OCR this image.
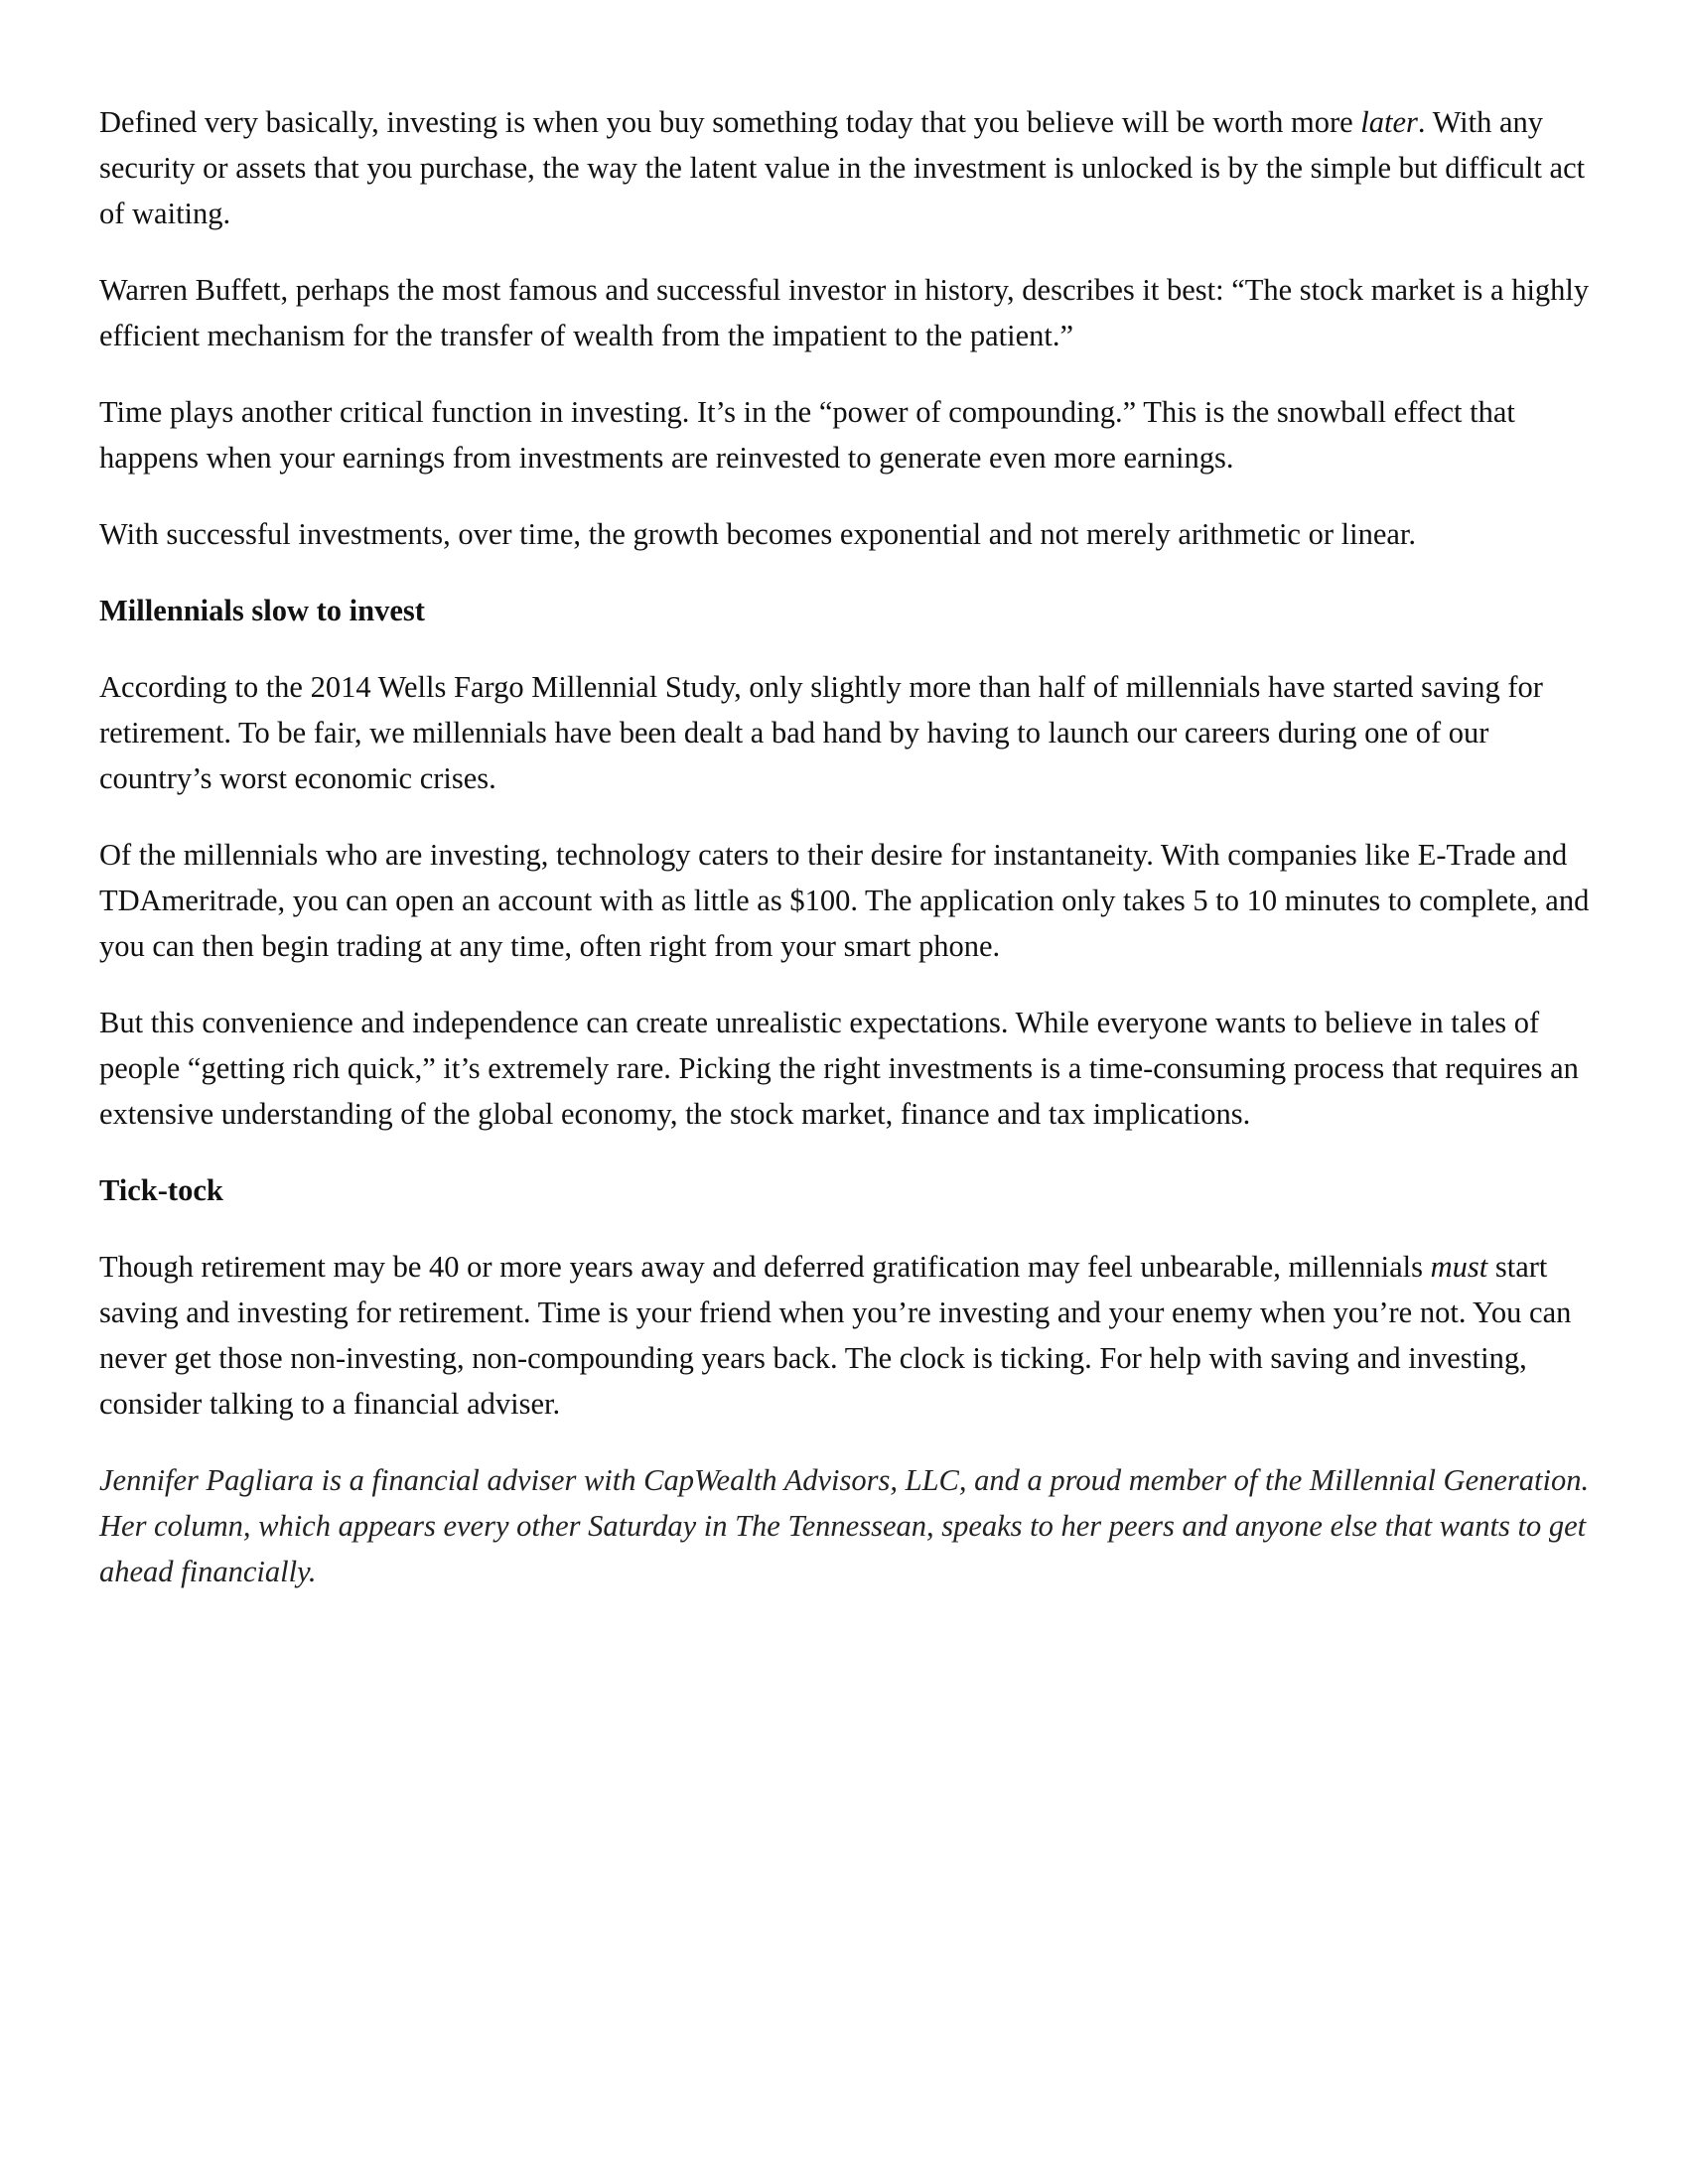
Defined very basically, investing is when you buy something today that you believe will be worth more later. With any security or assets that you purchase, the way the latent value in the investment is unlocked is by the simple but difficult act of waiting.

Warren Buffett, perhaps the most famous and successful investor in history, describes it best: “The stock market is a highly efficient mechanism for the transfer of wealth from the impatient to the patient.”

Time plays another critical function in investing. It’s in the “power of compounding.” This is the snowball effect that happens when your earnings from investments are reinvested to generate even more earnings.

With successful investments, over time, the growth becomes exponential and not merely arithmetic or linear.

Millennials slow to invest

According to the 2014 Wells Fargo Millennial Study, only slightly more than half of millennials have started saving for retirement. To be fair, we millennials have been dealt a bad hand by having to launch our careers during one of our country’s worst economic crises.

Of the millennials who are investing, technology caters to their desire for instantaneity. With companies like E-Trade and TDAmeritrade, you can open an account with as little as $100. The application only takes 5 to 10 minutes to complete, and you can then begin trading at any time, often right from your smart phone.

But this convenience and independence can create unrealistic expectations. While everyone wants to believe in tales of people “getting rich quick,” it’s extremely rare. Picking the right investments is a time-consuming process that requires an extensive understanding of the global economy, the stock market, finance and tax implications.

Tick-tock

Though retirement may be 40 or more years away and deferred gratification may feel unbearable, millennials must start saving and investing for retirement. Time is your friend when you’re investing and your enemy when you’re not. You can never get those non-investing, non-compounding years back. The clock is ticking. For help with saving and investing, consider talking to a financial adviser.

Jennifer Pagliara is a financial adviser with CapWealth Advisors, LLC, and a proud member of the Millennial Generation. Her column, which appears every other Saturday in The Tennessean, speaks to her peers and anyone else that wants to get ahead financially.
